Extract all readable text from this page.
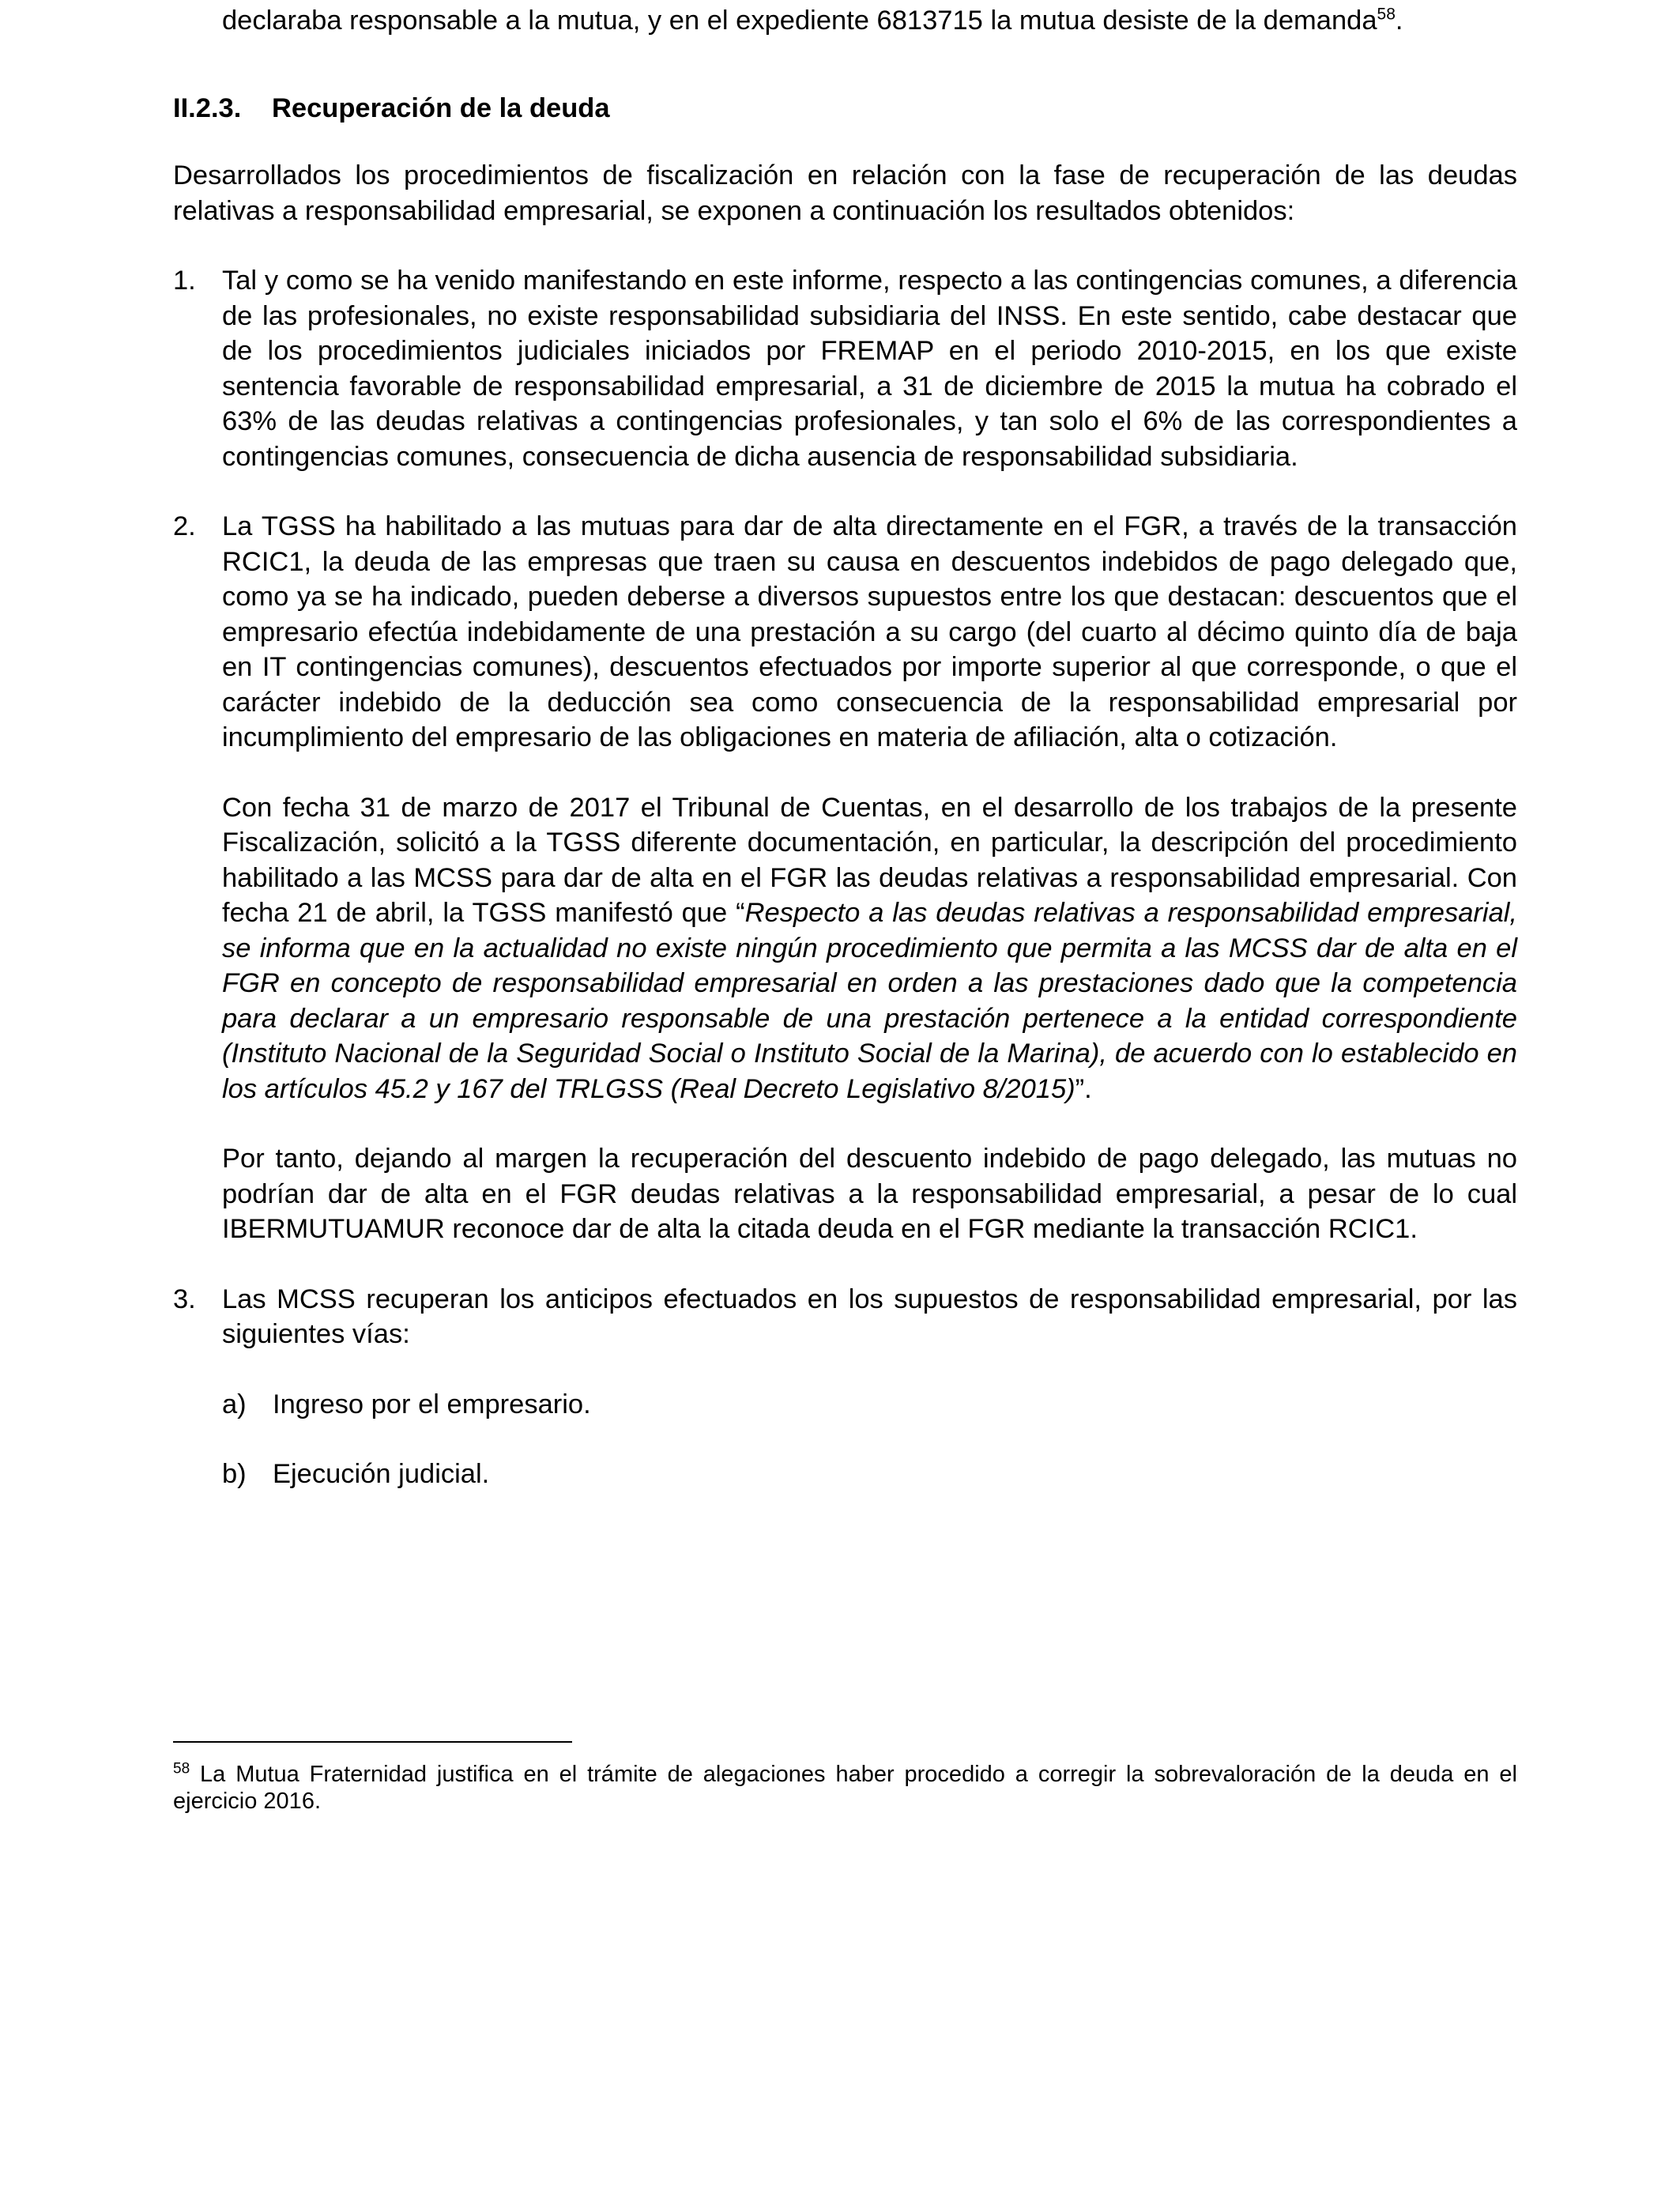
declaraba responsable a la mutua, y en el expediente 6813715 la mutua desiste de la demanda$^{58}$.

II.2.3. Recuperación de la deuda

Desarrollados los procedimientos de fiscalización en relación con la fase de recuperación de las deudas relativas a responsabilidad empresarial, se exponen a continuación los resultados obtenidos:

1. Tal y como se ha venido manifestando en este informe, respecto a las contingencias comunes, a diferencia de las profesionales, no existe responsabilidad subsidiaria del INSS. En este sentido, cabe destacar que de los procedimientos judiciales iniciados por FREMAP en el periodo 2010-2015, en los que existe sentencia favorable de responsabilidad empresarial, a 31 de diciembre de 2015 la mutua ha cobrado el 63% de las deudas relativas a contingencias profesionales, y tan solo el 6% de las correspondientes a contingencias comunes, consecuencia de dicha ausencia de responsabilidad subsidiaria.

2. La TGSS ha habilitado a las mutuas para dar de alta directamente en el FGR, a través de la transacción RCIC1, la deuda de las empresas que traen su causa en descuentos indebidos de pago delegado que, como ya se ha indicado, pueden deberse a diversos supuestos entre los que destacan: descuentos que el empresario efectúa indebidamente de una prestación a su cargo (del cuarto al décimo quinto día de baja en IT contingencias comunes), descuentos efectuados por importe superior al que corresponde, o que el carácter indebido de la deducción sea como consecuencia de la responsabilidad empresarial por incumplimiento del empresario de las obligaciones en materia de afiliación, alta o cotización.

Con fecha 31 de marzo de 2017 el Tribunal de Cuentas, en el desarrollo de los trabajos de la presente Fiscalización, solicitó a la TGSS diferente documentación, en particular, la descripción del procedimiento habilitado a las MCSS para dar de alta en el FGR las deudas relativas a responsabilidad empresarial. Con fecha 21 de abril, la TGSS manifestó que “Respecto a las deudas relativas a responsabilidad empresarial, se informa que en la actualidad no existe ningún procedimiento que permita a las MCSS dar de alta en el FGR en concepto de responsabilidad empresarial en orden a las prestaciones dado que la competencia para declarar a un empresario responsable de una prestación pertenece a la entidad correspondiente (Instituto Nacional de la Seguridad Social o Instituto Social de la Marina), de acuerdo con lo establecido en los artículos 45.2 y 167 del TRLGSS (Real Decreto Legislativo 8/2015)”.

Por tanto, dejando al margen la recuperación del descuento indebido de pago delegado, las mutuas no podrían dar de alta en el FGR deudas relativas a la responsabilidad empresarial, a pesar de lo cual IBERMUTUAMUR reconoce dar de alta la citada deuda en el FGR mediante la transacción RCIC1.

3. Las MCSS recuperan los anticipos efectuados en los supuestos de responsabilidad empresarial, por las siguientes vías:

a) Ingreso por el empresario.

b) Ejecución judicial.

$^{58}$ La Mutua Fraternidad justifica en el trámite de alegaciones haber procedido a corregir la sobrevaloración de la deuda en el ejercicio 2016.
